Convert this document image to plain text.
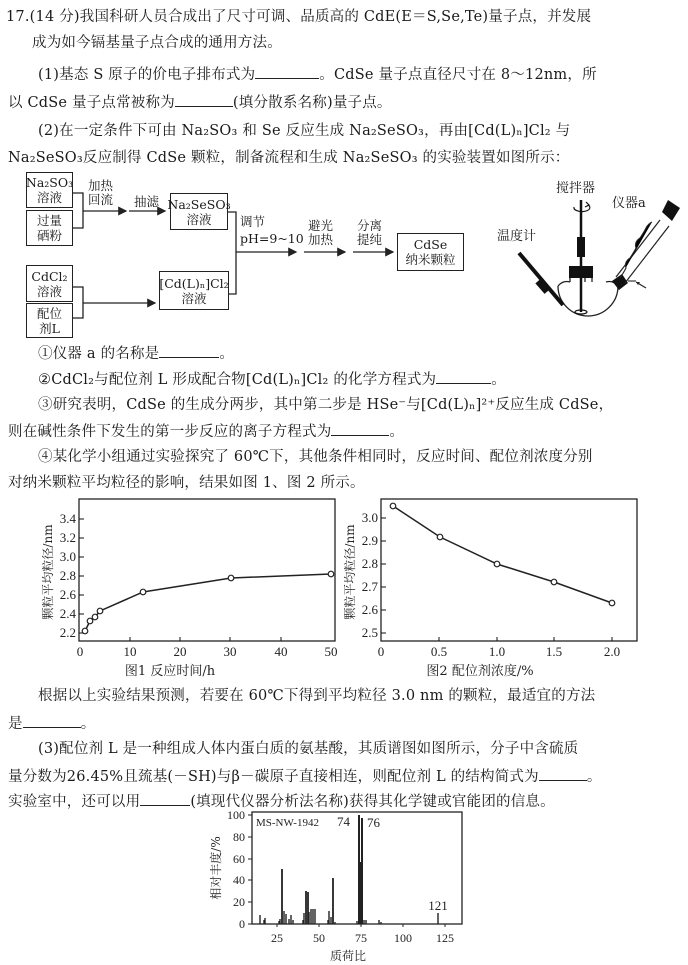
17.(14 分)我国科研人员合成出了尺寸可调、品质高的 CdE(E＝S,Se,Te)量子点，并发展
成为如今镉基量子点合成的通用方法。
(1)基态 S 原子的价电子排布式为	。CdSe 量子点直径尺寸在 8～12nm，所
以 CdSe 量子点常被称为	(填分散系名称)量子点。
(2)在一定条件下可由 Na₂SO₃ 和 Se 反应生成 Na₂SeSO₃，再由[Cd(L)ₙ]Cl₂ 与
Na₂SeSO₃反应制得 CdSe 颗粒，制备流程和生成 Na₂SeSO₃ 的实验装置如图所示：
Na₂SO₃
溶液
过量
硒粉
CdCl₂
溶液
配位
剂L
加热
回流 抽滤 Na₂SeSO₃
溶液
[Cd(L)ₙ]Cl₂
溶液
调节
pH=9~10
避光
加热
分离
提纯	CdSe
纳米颗粒
搅拌器
仪器a
温度计
①仪器 a 的名称是	。
②CdCl₂与配位剂 L 形成配合物[Cd(L)ₙ]Cl₂ 的化学方程式为	。
③研究表明，CdSe 的生成分两步，其中第二步是 HSe⁻与[Cd(L)ₙ]²⁺反应生成 CdSe，
则在碱性条件下发生的第一步反应的离子方程式为	。
④某化学小组通过实验探究了 60℃下，其他条件相同时，反应时间、配位剂浓度分别
对纳米颗粒平均粒径的影响，结果如图 1、图 2 所示。
2.2
2.4
2.6
2.8
3.0
3.2
3.4
0	10	20	30	40	50
颗粒平均粒径/nm
图1 反应时间/h
2.5
2.6
2.7
2.8
2.9
3.0
0	0.5	1.0	1.5	2.0
颗粒平均粒径/nm
图2 配位剂浓度/%
根据以上实验结果预测，若要在 60℃下得到平均粒径 3.0 nm 的颗粒，最适宜的方法
是	。
(3)配位剂 L 是一种组成人体内蛋白质的氨基酸，其质谱图如图所示，分子中含硫质
量分数为26.45%且巯基(－SH)与β－碳原子直接相连，则配位剂 L 的结构简式为	。
实验室中，还可以用	(填现代仪器分析法名称)获得其化学键或官能团的信息。
0
20
40
60
80
100
25	50	75 100 125
相对丰度/%
质荷比
MS-NW-1942 74 76
121
